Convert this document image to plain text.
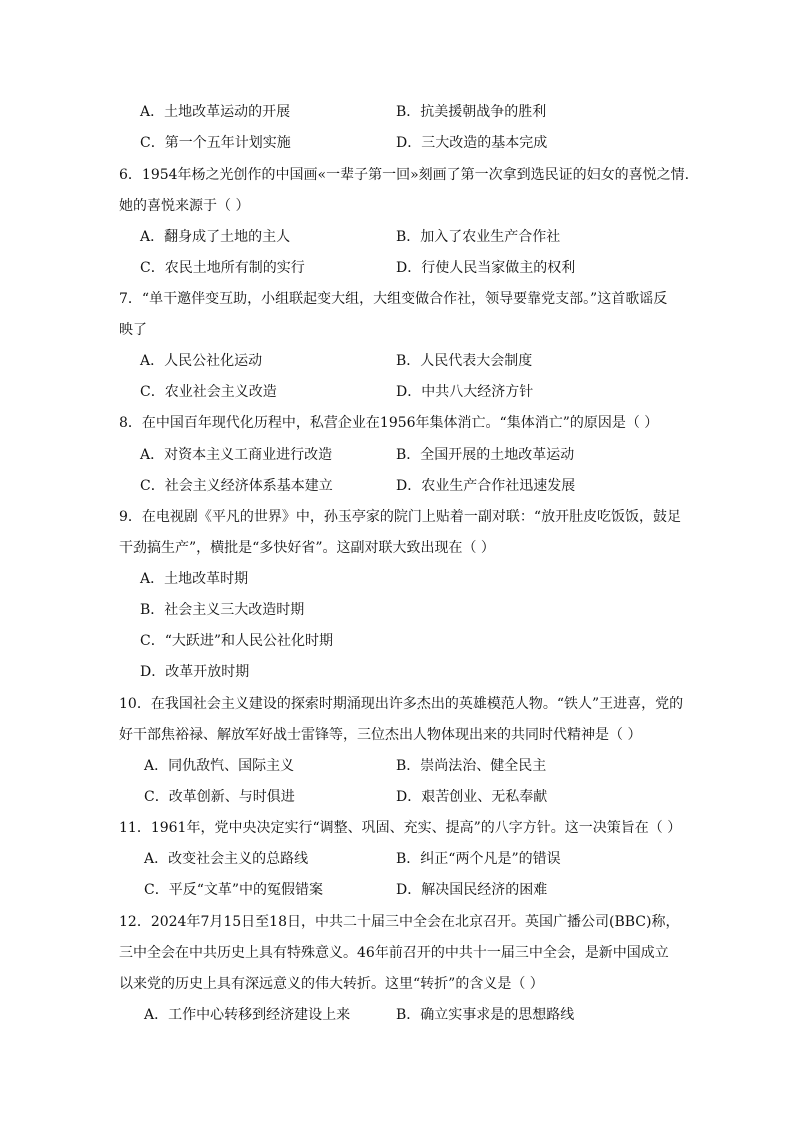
A．土地改革运动的开展	B．抗美援朝战争的胜利
C．第一个五年计划实施	D．三大改造的基本完成
6．1954年杨之光创作的中国画«一辈子第一回»刻画了第一次拿到选民证的妇女的喜悦之情.
她的喜悦来源于（ ）
A．翻身成了土地的主人	B．加入了农业生产合作社
C．农民土地所有制的实行	D．行使人民当家做主的权利
7．“单干邀伴变互助，小组联起变大组，大组变做合作社，领导要靠党支部。”这首歌谣反
映了
A．人民公社化运动	B．人民代表大会制度
C．农业社会主义改造	D．中共八大经济方针
8．在中国百年现代化历程中，私营企业在1956年集体消亡。“集体消亡”的原因是（ ）
A．对资本主义工商业进行改造	B．全国开展的土地改革运动
C．社会主义经济体系基本建立	D．农业生产合作社迅速发展
9．在电视剧《平凡的世界》中，孙玉亭家的院门上贴着一副对联：“放开肚皮吃饭饭，鼓足
干劲搞生产”，横批是“多快好省”。这副对联大致出现在（ ）
A．土地改革时期
B．社会主义三大改造时期
C．“大跃进”和人民公社化时期
D．改革开放时期
10．在我国社会主义建设的探索时期涌现出许多杰出的英雄模范人物。“铁人”王进喜，党的
好干部焦裕禄、解放军好战士雷锋等，三位杰出人物体现出来的共同时代精神是（ ）
A．同仇敌忾、国际主义	B．崇尚法治、健全民主
C．改革创新、与时俱进	D．艰苦创业、无私奉献
11．1961年，党中央决定实行“调整、巩固、充实、提高”的八字方针。这一决策旨在（ ）
A．改变社会主义的总路线	B．纠正“两个凡是”的错误
C．平反“文革”中的冤假错案	D．解决国民经济的困难
12．2024年7月15日至18日，中共二十届三中全会在北京召开。英国广播公司(BBC)称，
三中全会在中共历史上具有特殊意义。46年前召开的中共十一届三中全会，是新中国成立
以来党的历史上具有深远意义的伟大转折。这里“转折”的含义是（ ）
A．工作中心转移到经济建设上来	B．确立实事求是的思想路线
